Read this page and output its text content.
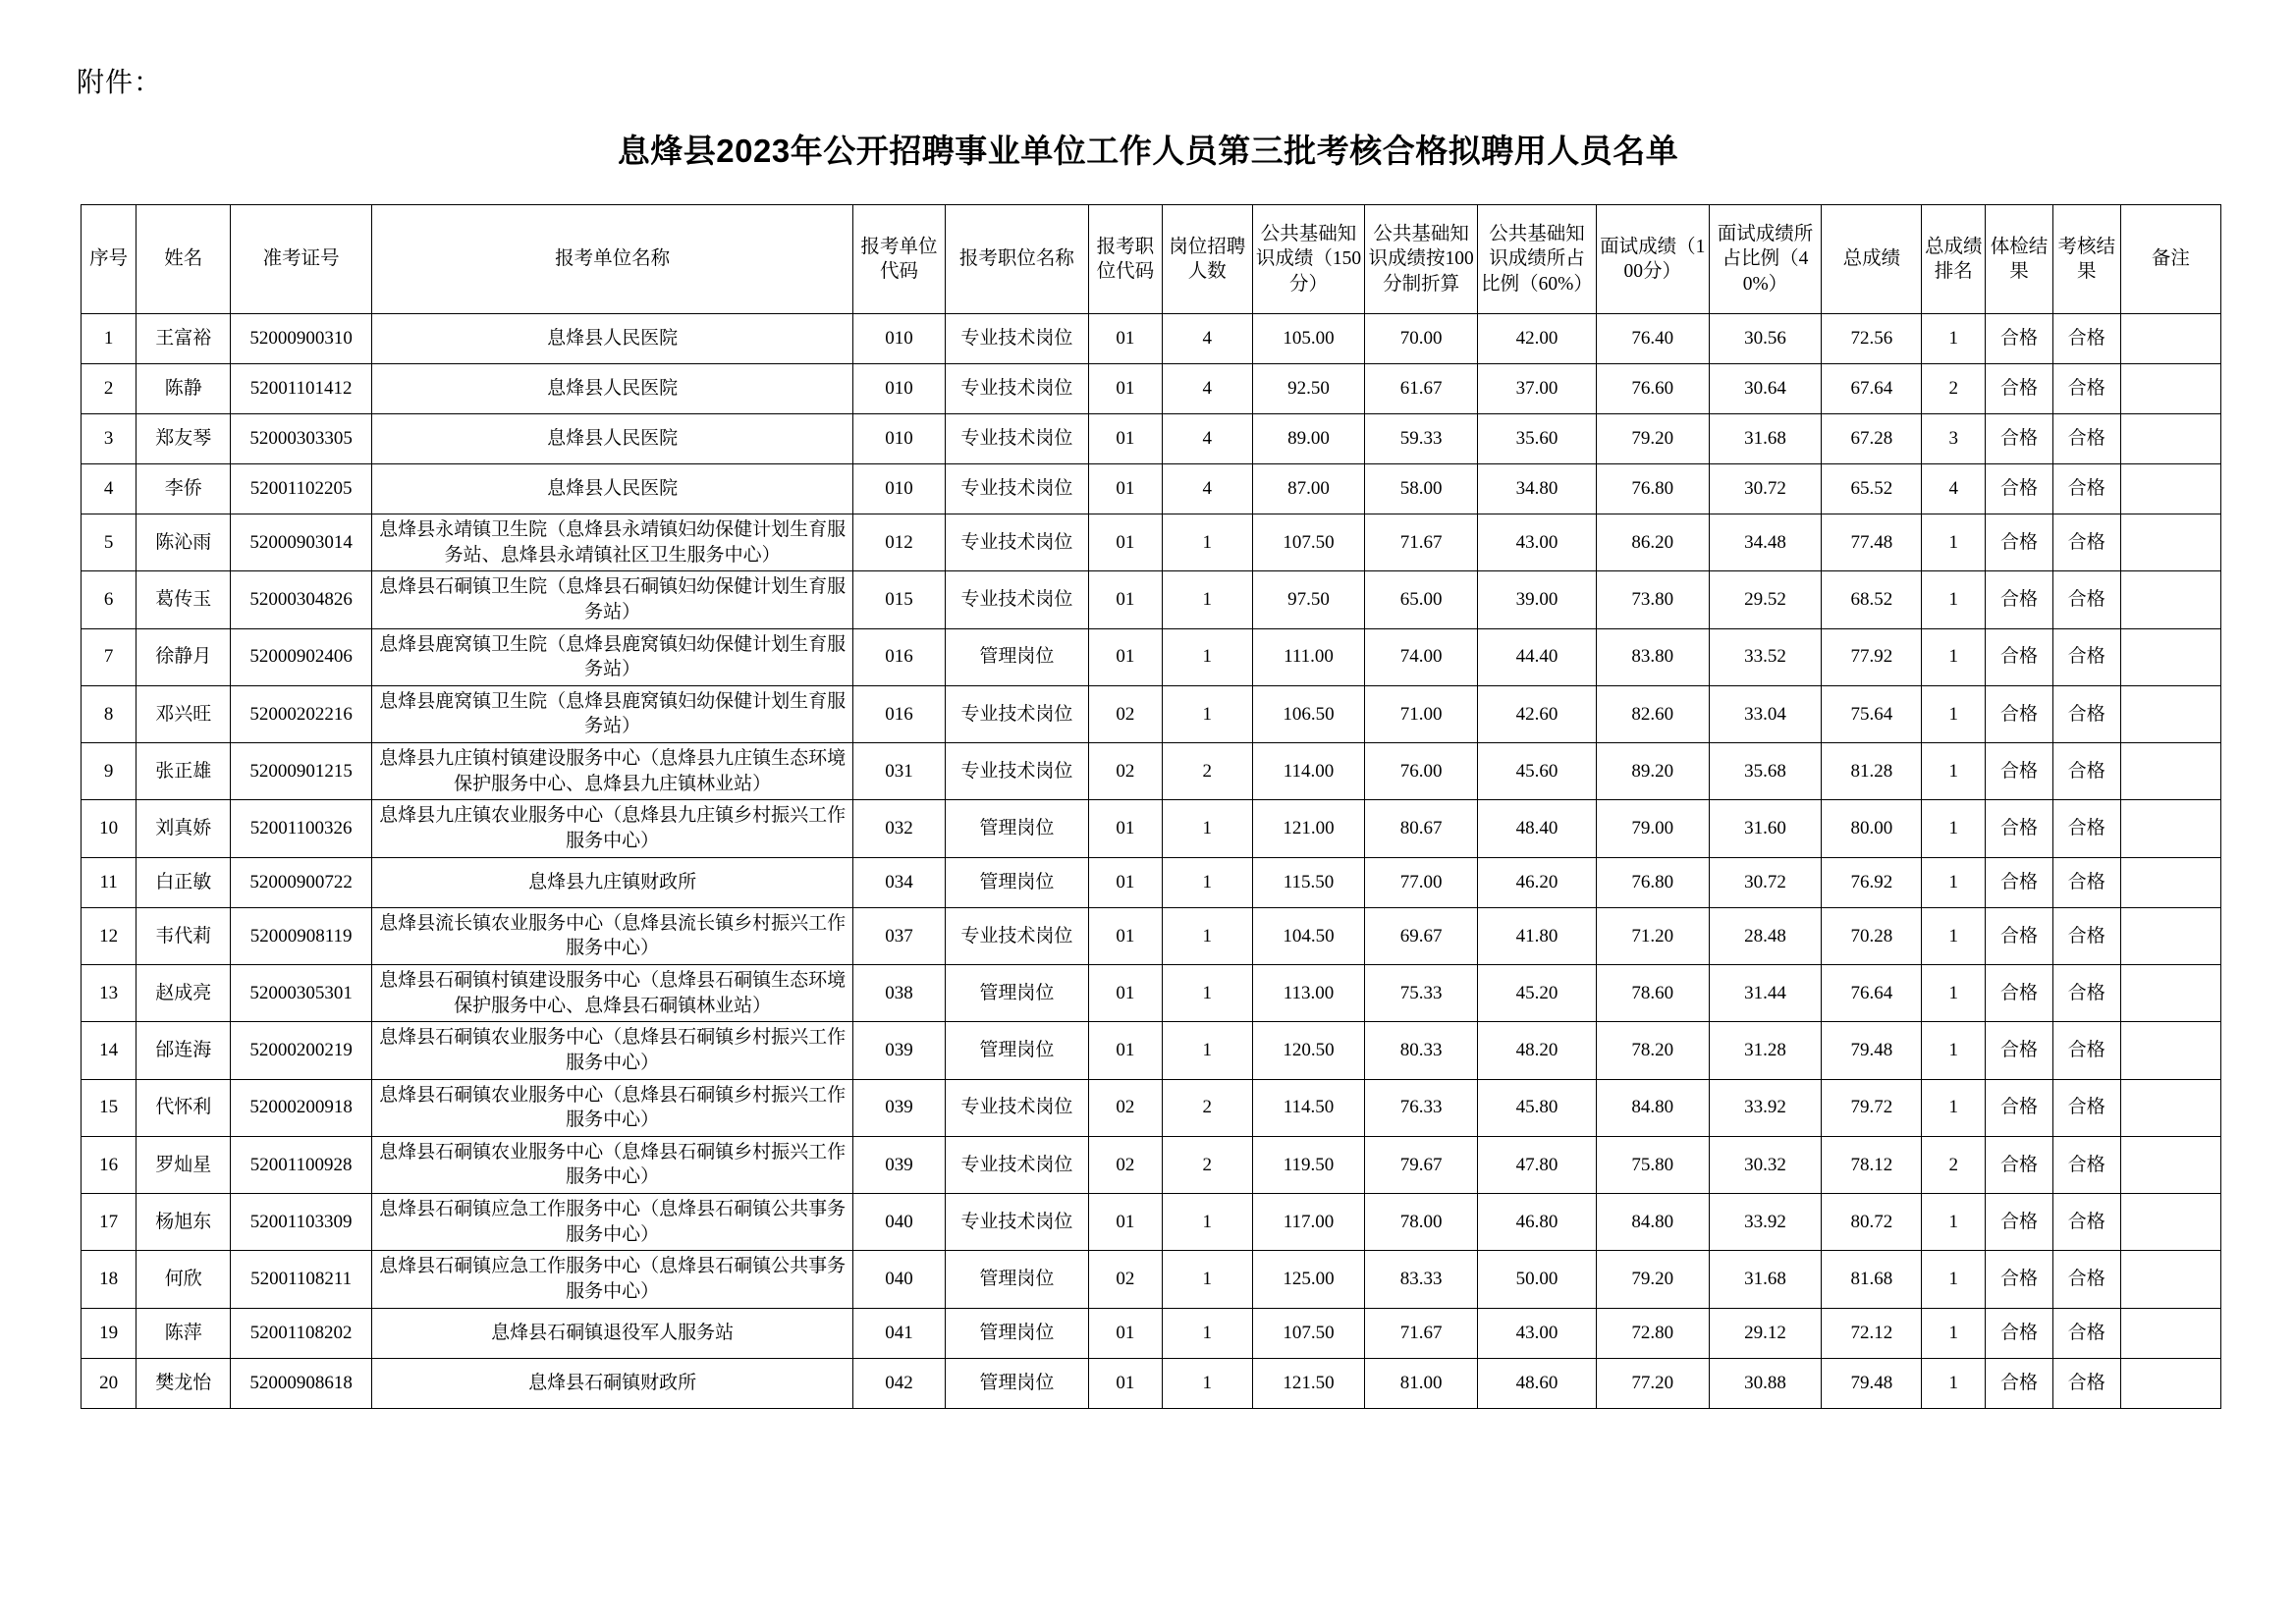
附件：
息烽县2023年公开招聘事业单位工作人员第三批考核合格拟聘用人员名单
序号	姓名	准考证号	报考单位名称	报考单位代码	报考职位名称	报考职位代码	岗位招聘人数	公共基础知识成绩（150分）	公共基础知识成绩按100分制折算	公共基础知识成绩所占比例（60%）	面试成绩（100分）	面试成绩所占比例（40%）	总成绩	总成绩排名	体检结果	考核结果	备注
1	王富裕	52000900310	息烽县人民医院	010	专业技术岗位	01	4	105.00	70.00	42.00	76.40	30.56	72.56	1	合格	合格	
2	陈静	52001101412	息烽县人民医院	010	专业技术岗位	01	4	92.50	61.67	37.00	76.60	30.64	67.64	2	合格	合格	
3	郑友琴	52000303305	息烽县人民医院	010	专业技术岗位	01	4	89.00	59.33	35.60	79.20	31.68	67.28	3	合格	合格	
4	李侨	52001102205	息烽县人民医院	010	专业技术岗位	01	4	87.00	58.00	34.80	76.80	30.72	65.52	4	合格	合格	
5	陈沁雨	52000903014	息烽县永靖镇卫生院（息烽县永靖镇妇幼保健计划生育服务站、息烽县永靖镇社区卫生服务中心）	012	专业技术岗位	01	1	107.50	71.67	43.00	86.20	34.48	77.48	1	合格	合格	
6	葛传玉	52000304826	息烽县石硐镇卫生院（息烽县石硐镇妇幼保健计划生育服务站）	015	专业技术岗位	01	1	97.50	65.00	39.00	73.80	29.52	68.52	1	合格	合格	
7	徐静月	52000902406	息烽县鹿窝镇卫生院（息烽县鹿窝镇妇幼保健计划生育服务站）	016	管理岗位	01	1	111.00	74.00	44.40	83.80	33.52	77.92	1	合格	合格	
8	邓兴旺	52000202216	息烽县鹿窝镇卫生院（息烽县鹿窝镇妇幼保健计划生育服务站）	016	专业技术岗位	02	1	106.50	71.00	42.60	82.60	33.04	75.64	1	合格	合格	
9	张正雄	52000901215	息烽县九庄镇村镇建设服务中心（息烽县九庄镇生态环境保护服务中心、息烽县九庄镇林业站）	031	专业技术岗位	02	2	114.00	76.00	45.60	89.20	35.68	81.28	1	合格	合格	
10	刘真娇	52001100326	息烽县九庄镇农业服务中心（息烽县九庄镇乡村振兴工作服务中心）	032	管理岗位	01	1	121.00	80.67	48.40	79.00	31.60	80.00	1	合格	合格	
11	白正敏	52000900722	息烽县九庄镇财政所	034	管理岗位	01	1	115.50	77.00	46.20	76.80	30.72	76.92	1	合格	合格	
12	韦代莉	52000908119	息烽县流长镇农业服务中心（息烽县流长镇乡村振兴工作服务中心）	037	专业技术岗位	01	1	104.50	69.67	41.80	71.20	28.48	70.28	1	合格	合格	
13	赵成亮	52000305301	息烽县石硐镇村镇建设服务中心（息烽县石硐镇生态环境保护服务中心、息烽县石硐镇林业站）	038	管理岗位	01	1	113.00	75.33	45.20	78.60	31.44	76.64	1	合格	合格	
14	邰连海	52000200219	息烽县石硐镇农业服务中心（息烽县石硐镇乡村振兴工作服务中心）	039	管理岗位	01	1	120.50	80.33	48.20	78.20	31.28	79.48	1	合格	合格	
15	代怀利	52000200918	息烽县石硐镇农业服务中心（息烽县石硐镇乡村振兴工作服务中心）	039	专业技术岗位	02	2	114.50	76.33	45.80	84.80	33.92	79.72	1	合格	合格	
16	罗灿星	52001100928	息烽县石硐镇农业服务中心（息烽县石硐镇乡村振兴工作服务中心）	039	专业技术岗位	02	2	119.50	79.67	47.80	75.80	30.32	78.12	2	合格	合格	
17	杨旭东	52001103309	息烽县石硐镇应急工作服务中心（息烽县石硐镇公共事务服务中心）	040	专业技术岗位	01	1	117.00	78.00	46.80	84.80	33.92	80.72	1	合格	合格	
18	何欣	52001108211	息烽县石硐镇应急工作服务中心（息烽县石硐镇公共事务服务中心）	040	管理岗位	02	1	125.00	83.33	50.00	79.20	31.68	81.68	1	合格	合格	
19	陈萍	52001108202	息烽县石硐镇退役军人服务站	041	管理岗位	01	1	107.50	71.67	43.00	72.80	29.12	72.12	1	合格	合格	
20	樊龙怡	52000908618	息烽县石硐镇财政所	042	管理岗位	01	1	121.50	81.00	48.60	77.20	30.88	79.48	1	合格	合格	
